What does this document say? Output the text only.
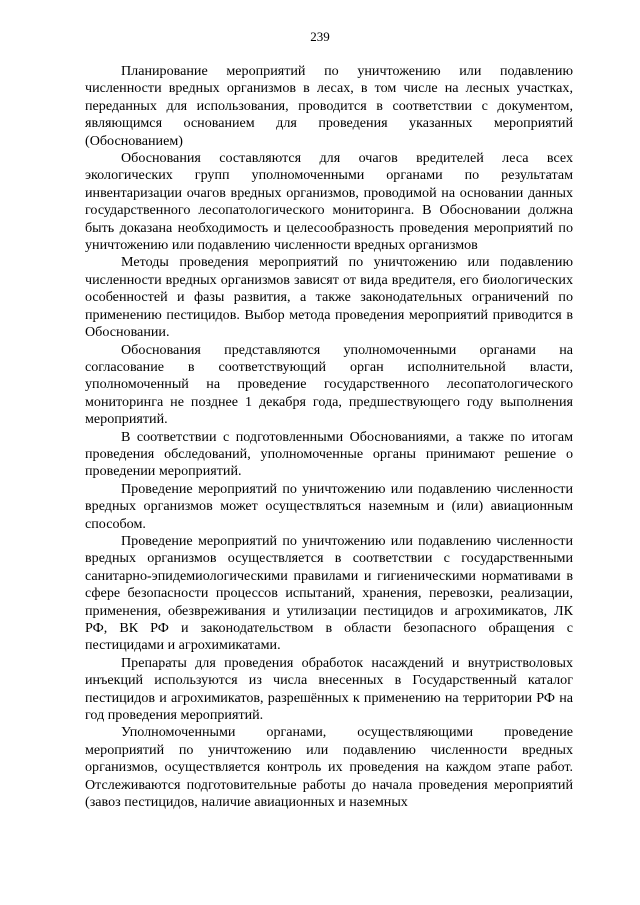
239

Планирование мероприятий по уничтожению или подавлению численности вредных организмов в лесах, в том числе на лесных участках, переданных для использования, проводится в соответствии с документом, являющимся основанием для проведения указанных мероприятий (Обоснованием)

Обоснования составляются для очагов вредителей леса всех экологических групп уполномоченными органами по результатам инвентаризации очагов вредных организмов, проводимой на основании данных государственного лесопатологического мониторинга. В Обосновании должна быть доказана необходимость и целесообразность проведения мероприятий по уничтожению или подавлению численности вредных организмов

Методы проведения мероприятий по уничтожению или подавлению численности вредных организмов зависят от вида вредителя, его биологических особенностей и фазы развития, а также законодательных ограничений по применению пестицидов. Выбор метода проведения мероприятий приводится в Обосновании.

Обоснования представляются уполномоченными органами на согласование в соответствующий орган исполнительной власти, уполномоченный на проведение государственного лесопатологического мониторинга не позднее 1 декабря года, предшествующего году выполнения мероприятий.

В соответствии с подготовленными Обоснованиями, а также по итогам проведения обследований, уполномоченные органы принимают решение о проведении мероприятий.

Проведение мероприятий по уничтожению или подавлению численности вредных организмов может осуществляться наземным и (или) авиационным способом.

Проведение мероприятий по уничтожению или подавлению численности вредных организмов осуществляется в соответствии с государственными санитарно-эпидемиологическими правилами и гигиеническими нормативами в сфере безопасности процессов испытаний, хранения, перевозки, реализации, применения, обезвреживания и утилизации пестицидов и агрохимикатов, ЛК РФ, ВК РФ и законодательством в области безопасного обращения с пестицидами и агрохимикатами.

Препараты для проведения обработок насаждений и внутристволовых инъекций используются из числа внесенных в Государственный каталог пестицидов и агрохимикатов, разрешённых к применению на территории РФ на год проведения мероприятий.

Уполномоченными органами, осуществляющими проведение мероприятий по уничтожению или подавлению численности вредных организмов, осуществляется контроль их проведения на каждом этапе работ. Отслеживаются подготовительные работы до начала проведения мероприятий (завоз пестицидов, наличие авиационных и наземных
